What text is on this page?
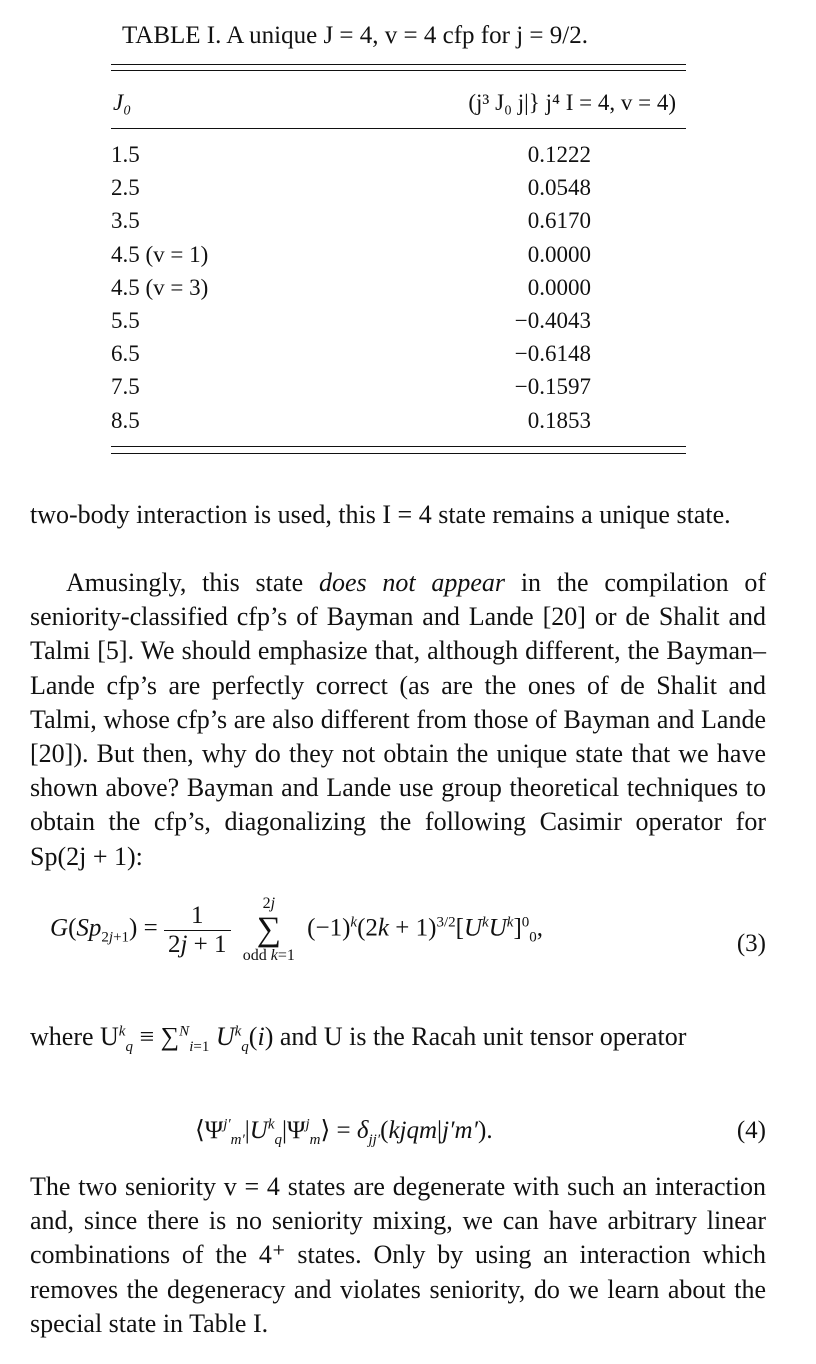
TABLE I. A unique J = 4, v = 4 cfp for j = 9/2.
J₀	(j³ J₀ j|} j⁴ I = 4, v = 4)
1.5	0.1222
2.5	0.0548
3.5	0.6170
4.5 (v = 1)	0.0000
4.5 (v = 3)	0.0000
5.5	−0.4043
6.5	−0.6148
7.5	−0.1597
8.5	0.1853

two-body interaction is used, this I = 4 state remains a unique state.

Amusingly, this state does not appear in the compilation of seniority-classified cfp’s of Bayman and Lande [20] or de Shalit and Talmi [5]. We should emphasize that, although different, the Bayman–Lande cfp’s are perfectly correct (as are the ones of de Shalit and Talmi, whose cfp’s are also different from those of Bayman and Lande [20]). But then, why do they not obtain the unique state that we have shown above? Bayman and Lande use group theoretical techniques to obtain the cfp’s, diagonalizing the following Casimir operator for Sp(2j + 1):

$G(Sp_{2j+1}) = \frac{1}{2j + 1}$
	2j
∑
odd k=1
$(-1)^k(2k + 1)^{3/2}[U^kU^k]^0_0$,
(3)

where $U^k_q \equiv \sum^N_{i=1}$ $U^k_q(i)$ and U is the Racah unit tensor operator

$⟨\Psi^{j'}_{m'}|U^k_q|\Psi^j_m⟩$ = $\delta_{jj'}(kjqm|j'm')$.	(4)

The two seniority v = 4 states are degenerate with such an interaction and, since there is no seniority mixing, we can have arbitrary linear combinations of the 4⁺ states. Only by using an interaction which removes the degeneracy and violates seniority, do we learn about the special state in Table I.
